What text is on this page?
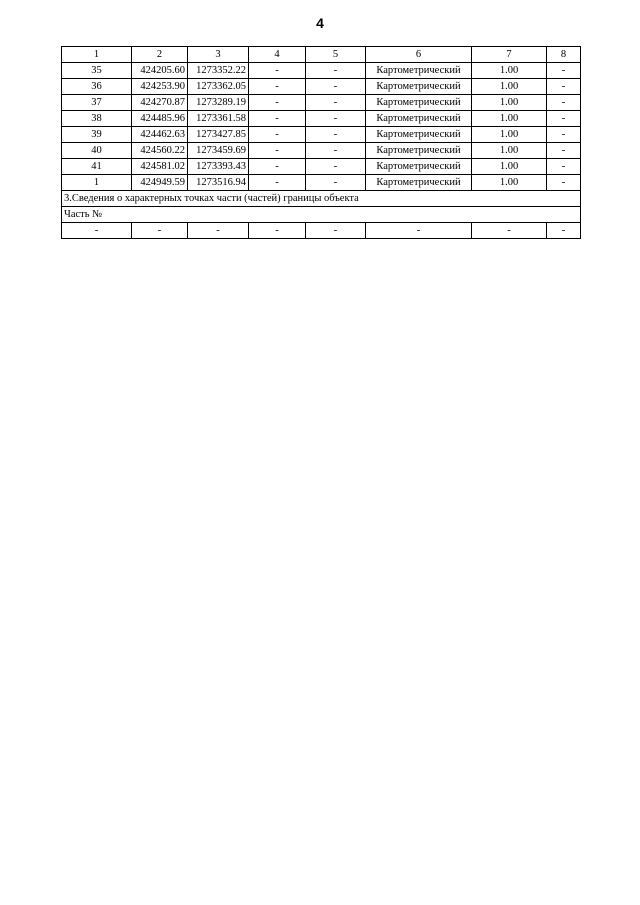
4
1	2	3	4	5	6	7	8
35	424205.60	1273352.22	-	-	Картометрический	1.00	-
36	424253.90	1273362.05	-	-	Картометрический	1.00	-
37	424270.87	1273289.19	-	-	Картометрический	1.00	-
38	424485.96	1273361.58	-	-	Картометрический	1.00	-
39	424462.63	1273427.85	-	-	Картометрический	1.00	-
40	424560.22	1273459.69	-	-	Картометрический	1.00	-
41	424581.02	1273393.43	-	-	Картометрический	1.00	-
1	424949.59	1273516.94	-	-	Картометрический	1.00	-
3.Сведения о характерных точках части (частей) границы объекта							
Часть №							
-	-	-	-	-	-	-	-
